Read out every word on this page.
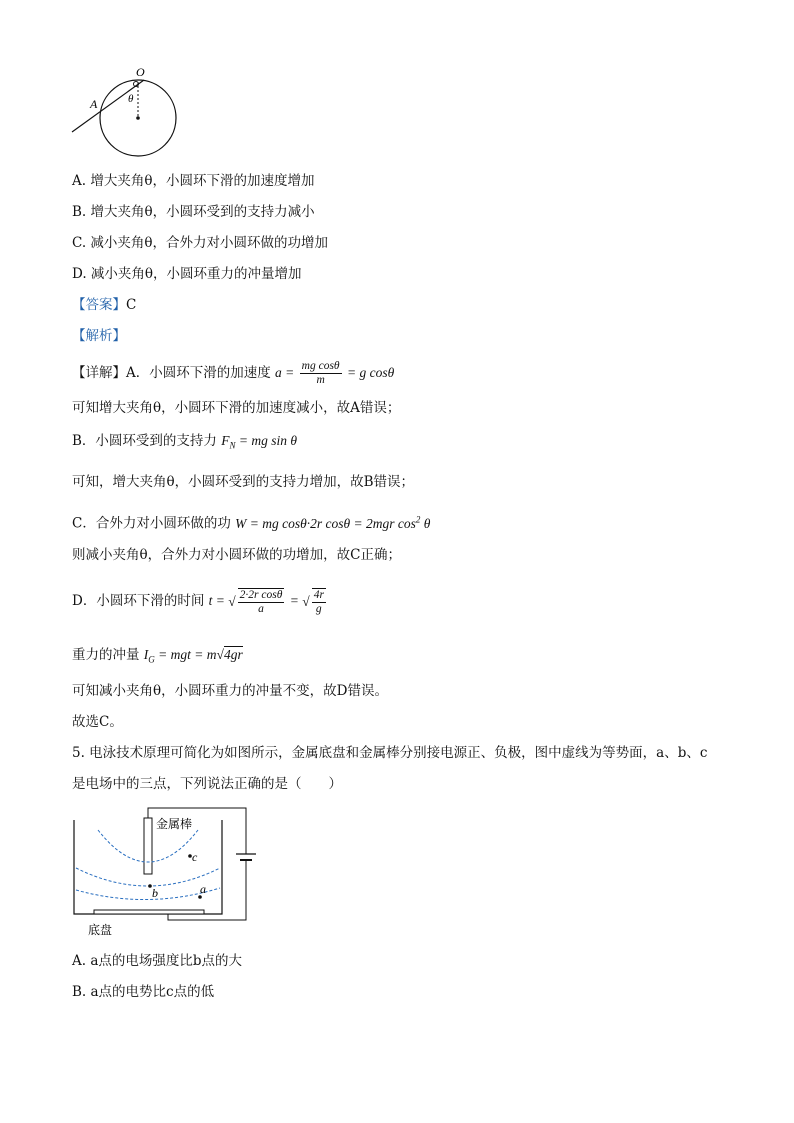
O
A	θ
A. 增大夹角θ，小圆环下滑的加速度增加
B. 增大夹角θ，小圆环受到的支持力减小
C. 减小夹角θ，合外力对小圆环做的功增加
D. 减小夹角θ，小圆环重力的冲量增加
【答案】C
【解析】
【详解】A．小圆环下滑的加速度 $a = \frac{\text{mg cosθ}}{m} = g$ cosθ
可知增大夹角θ，小圆环下滑的加速度减小，故A错误；
B．小圆环受到的支持力 $F_N$ = mg sin θ
可知，增大夹角θ，小圆环受到的支持力增加，故B错误；
C．合外力对小圆环做的功 W = mg cosθ·2r cosθ = 2mgr $\cos^2 \theta$
则减小夹角θ，合外力对小圆环做的功增加，故C正确；
D．小圆环下滑的时间 t = √ $\frac{\text{2·2r cosθ}}{a}$ = √ $\frac{4r}{g}$
重力的冲量 $I_G$ = mgt = m√4gr
可知减小夹角θ，小圆环重力的冲量不变，故D错误。
故选C。
5. 电泳技术原理可简化为如图所示，金属底盘和金属棒分别接电源正、负极，图中虚线为等势面，a、b、c
是电场中的三点，下列说法正确的是（　　）
金属棒
c
b	a
底盘
A. a点的电场强度比b点的大
B. a点的电势比c点的低
